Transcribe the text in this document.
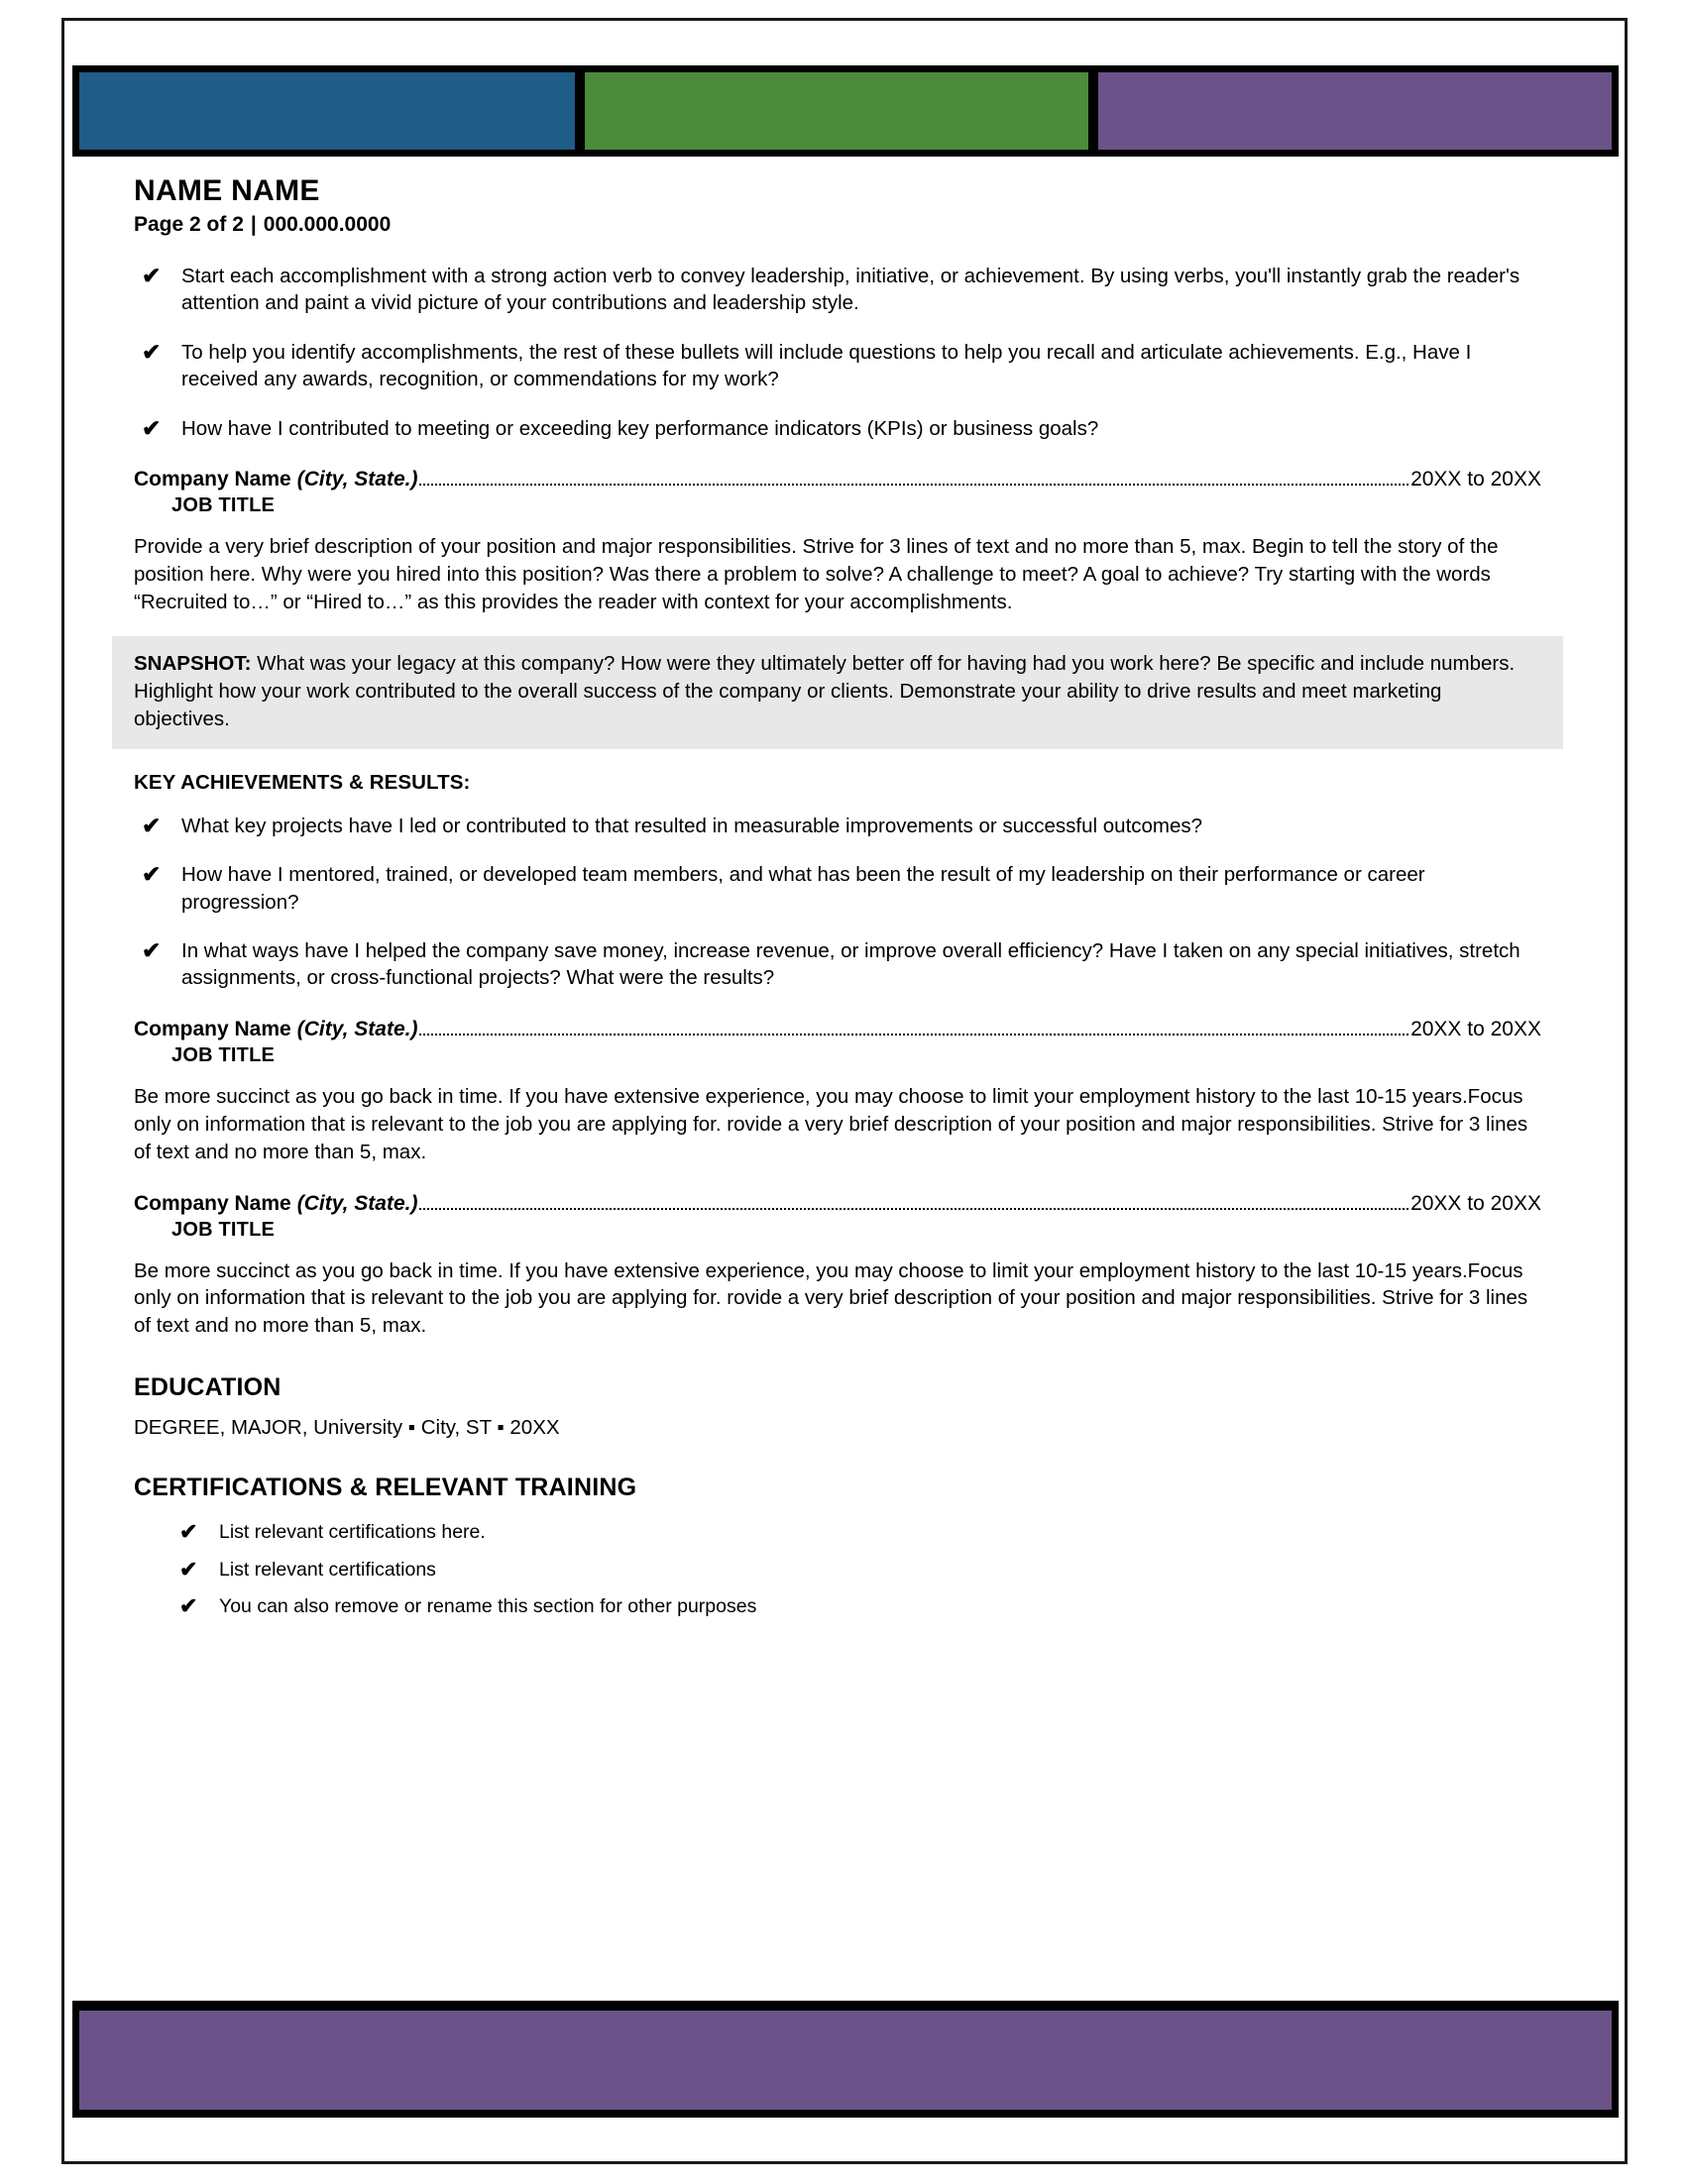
NAME NAME
Page 2 of 2 | 000.000.0000
✔ Start each accomplishment with a strong action verb to convey leadership, initiative, or achievement. By using verbs, you'll instantly grab the reader's attention and paint a vivid picture of your contributions and leadership style.
✔ To help you identify accomplishments, the rest of these bullets will include questions to help you recall and articulate achievements. E.g., Have I received any awards, recognition, or commendations for my work?
✔ How have I contributed to meeting or exceeding key performance indicators (KPIs) or business goals?
Company Name (City, State.)	20XX to 20XX
JOB TITLE

Provide a very brief description of your position and major responsibilities. Strive for 3 lines of text and no more than 5, max. Begin to tell the story of the position here. Why were you hired into this position? Was there a problem to solve? A challenge to meet? A goal to achieve? Try starting with the words “Recruited to…” or “Hired to…” as this provides the reader with context for your accomplishments.

SNAPSHOT: What was your legacy at this company? How were they ultimately better off for having had you work here? Be specific and include numbers. Highlight how your work contributed to the overall success of the company or clients. Demonstrate your ability to drive results and meet marketing objectives.
KEY ACHIEVEMENTS & RESULTS:
✔ What key projects have I led or contributed to that resulted in measurable improvements or successful outcomes?
✔ How have I mentored, trained, or developed team members, and what has been the result of my leadership on their performance or career progression?
✔ In what ways have I helped the company save money, increase revenue, or improve overall efficiency? Have I taken on any special initiatives, stretch assignments, or cross-functional projects? What were the results?
Company Name (City, State.)	20XX to 20XX
JOB TITLE

Be more succinct as you go back in time. If you have extensive experience, you may choose to limit your employment history to the last 10-15 years.Focus only on information that is relevant to the job you are applying for. rovide a very brief description of your position and major responsibilities. Strive for 3 lines of text and no more than 5, max.

Company Name (City, State.)	20XX to 20XX
JOB TITLE

Be more succinct as you go back in time. If you have extensive experience, you may choose to limit your employment history to the last 10-15 years.Focus only on information that is relevant to the job you are applying for. rovide a very brief description of your position and major responsibilities. Strive for 3 lines of text and no more than 5, max.

EDUCATION

DEGREE, MAJOR, University ▪ City, ST ▪ 20XX

CERTIFICATIONS & RELEVANT TRAINING
✔ List relevant certifications here.
✔ List relevant certifications
✔ You can also remove or rename this section for other purposes
